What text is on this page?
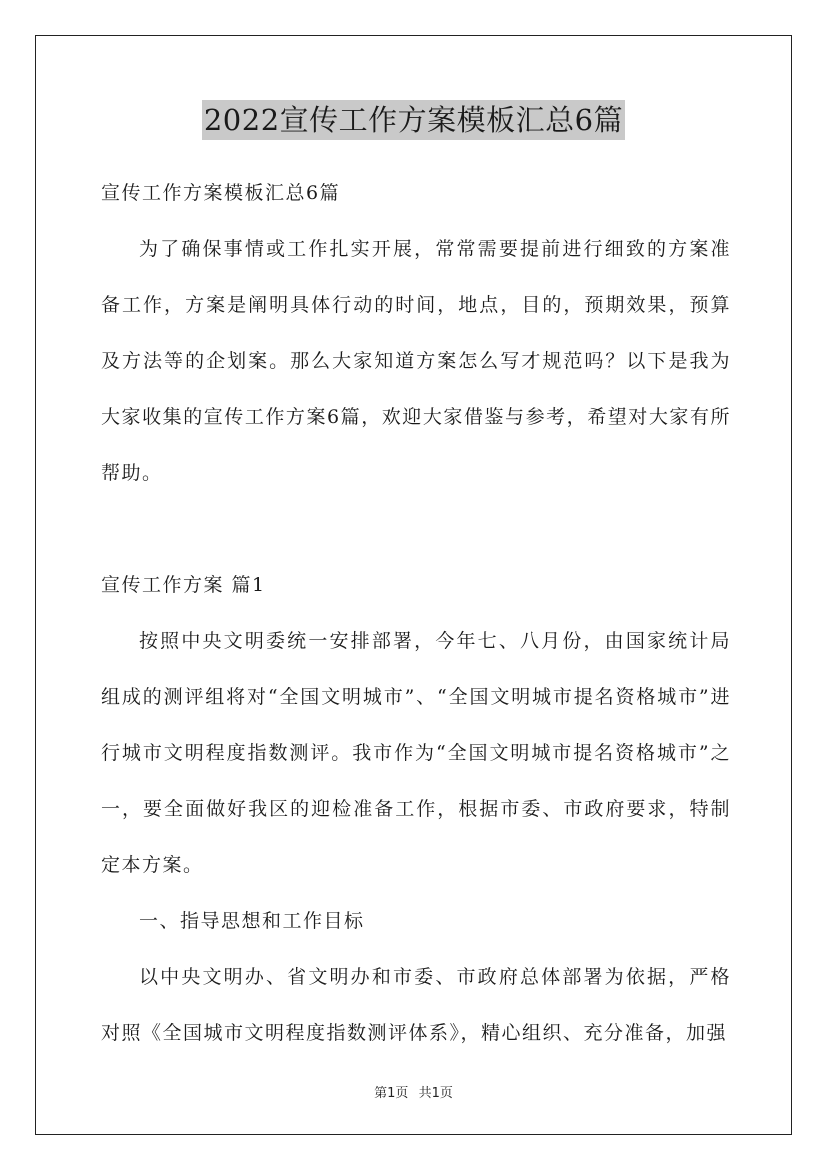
2022宣传工作方案模板汇总6篇

宣传工作方案模板汇总6篇

为了确保事情或工作扎实开展，常常需要提前进行细致的方案准备工作，方案是阐明具体行动的时间，地点，目的，预期效果，预算及方法等的企划案。那么大家知道方案怎么写才规范吗？以下是我为大家收集的宣传工作方案6篇，欢迎大家借鉴与参考，希望对大家有所帮助。

宣传工作方案 篇1

按照中央文明委统一安排部署，今年七、八月份，由国家统计局组成的测评组将对“全国文明城市”、“全国文明城市提名资格城市”进行城市文明程度指数测评。我市作为“全国文明城市提名资格城市”之一，要全面做好我区的迎检准备工作，根据市委、市政府要求，特制定本方案。

一、指导思想和工作目标

以中央文明办、省文明办和市委、市政府总体部署为依据，严格对照《全国城市文明程度指数测评体系》，精心组织、充分准备，加强

第1页 共1页
